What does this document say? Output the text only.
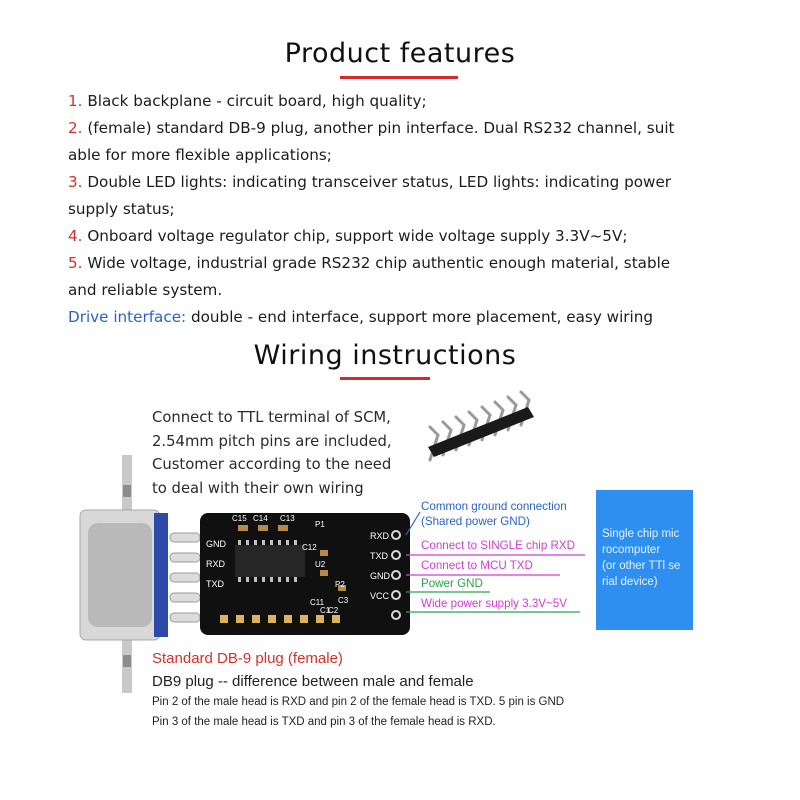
Product features
1. Black backplane - circuit board, high quality;
2. (female) standard DB-9 plug, another pin interface. Dual RS232 channel, suit
able for more flexible applications;
3. Double LED lights: indicating transceiver status, LED lights: indicating power
supply status;
4. Onboard voltage regulator chip, support wide voltage supply 3.3V~5V;
5. Wide voltage, industrial grade RS232 chip authentic enough material, stable
and reliable system.
Drive interface: double - end interface, support more placement, easy wiring
Wiring instructions
Connect to TTL terminal of SCM,
2.54mm pitch pins are included,
Customer according to the need
to deal with their own wiring
C15 C14 C13
U2
P1
P2
C3
C11
C12
C1
C2
GND
RXD
TXD
RXD
TXD
GND
VCC
Common ground connection
(Shared power GND)
Connect to SINGLE chip RXD
Connect to MCU TXD
Power GND
Wide power supply 3.3V~5V
Single chip mic
rocomputer
(or other TTl se
rial device)
Standard DB-9 plug (female)
DB9 plug -- difference between male and female
Pin 2 of the male head is RXD and pin 2 of the female head is TXD. 5 pin is GND
Pin 3 of the male head is TXD and pin 3 of the female head is RXD.
